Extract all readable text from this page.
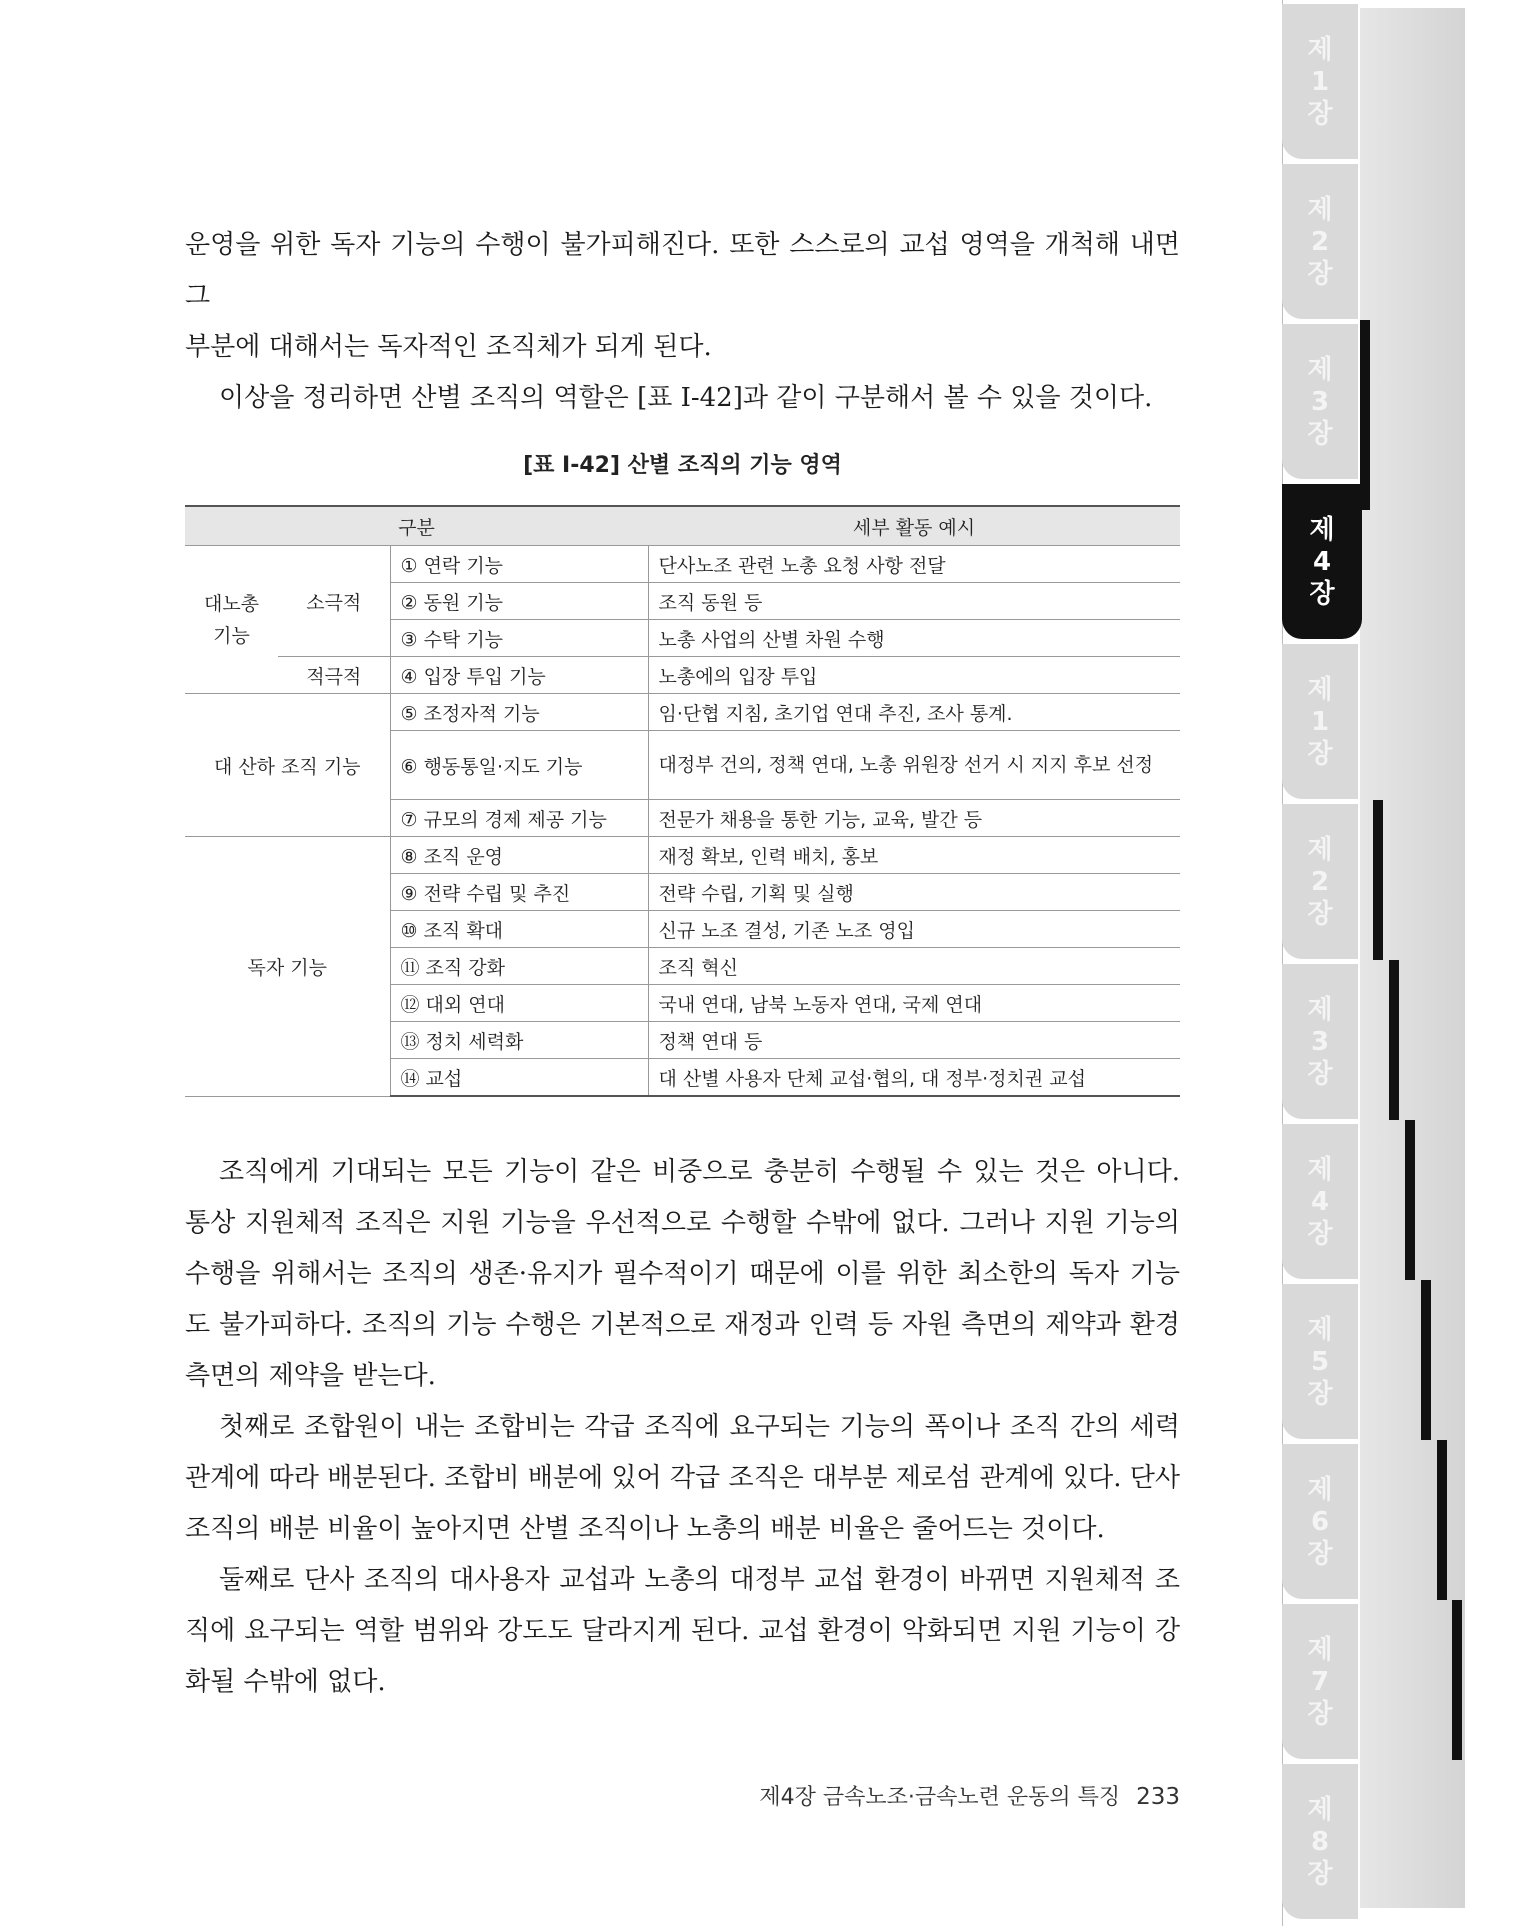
운영을 위한 독자 기능의 수행이 불가피해진다. 또한 스스로의 교섭 영역을 개척해 내면 그

부분에 대해서는 독자적인 조직체가 되게 된다.

이상을 정리하면 산별 조직의 역할은 [표 Ⅰ-42]과 같이 구분해서 볼 수 있을 것이다.

[표 Ⅰ-42] 산별 조직의 기능 영역
구분			세부 활동 예시
대노총
기능	소극적	① 연락 기능	단사노조 관련 노총 요청 사항 전달
		② 동원 기능	조직 동원 등
		③ 수탁 기능	노총 사업의 산별 차원 수행
	적극적	④ 입장 투입 기능	노총에의 입장 투입
대 산하 조직 기능		⑤ 조정자적 기능	임·단협 지침, 초기업 연대 추진, 조사 통계.
		⑥ 행동통일·지도 기능	대정부 건의, 정책 연대, 노총 위원장 선거 시 지지 후보 선정
		⑦ 규모의 경제 제공 기능	전문가 채용을 통한 기능, 교육, 발간 등
독자 기능		⑧ 조직 운영	재정 확보, 인력 배치, 홍보
		⑨ 전략 수립 및 추진	전략 수립, 기획 및 실행
		⑩ 조직 확대	신규 노조 결성, 기존 노조 영입
		⑪ 조직 강화	조직 혁신
		⑫ 대외 연대	국내 연대, 남북 노동자 연대, 국제 연대
		⑬ 정치 세력화	정책 연대 등
		⑭ 교섭	대 산별 사용자 단체 교섭·협의, 대 정부·정치권 교섭

조직에게 기대되는 모든 기능이 같은 비중으로 충분히 수행될 수 있는 것은 아니다. 통상 지원체적 조직은 지원 기능을 우선적으로 수행할 수밖에 없다. 그러나 지원 기능의 수행을 위해서는 조직의 생존·유지가 필수적이기 때문에 이를 위한 최소한의 독자 기능도 불가피하다. 조직의 기능 수행은 기본적으로 재정과 인력 등 자원 측면의 제약과 환경 측면의 제약을 받는다.

첫째로 조합원이 내는 조합비는 각급 조직에 요구되는 기능의 폭이나 조직 간의 세력관계에 따라 배분된다. 조합비 배분에 있어 각급 조직은 대부분 제로섬 관계에 있다. 단사 조직의 배분 비율이 높아지면 산별 조직이나 노총의 배분 비율은 줄어드는 것이다.

둘째로 단사 조직의 대사용자 교섭과 노총의 대정부 교섭 환경이 바뀌면 지원체적 조직에 요구되는 역할 범위와 강도도 달라지게 된다. 교섭 환경이 악화되면 지원 기능이 강화될 수밖에 없다.

제4장 금속노조·금속노련 운동의 특징 233
제
1
장
제
2
장
제
3
장
제
4
장
제
1
장
제
2
장
제
3
장
제
4
장
제
5
장
제
6
장
제
7
장
제
8
장
